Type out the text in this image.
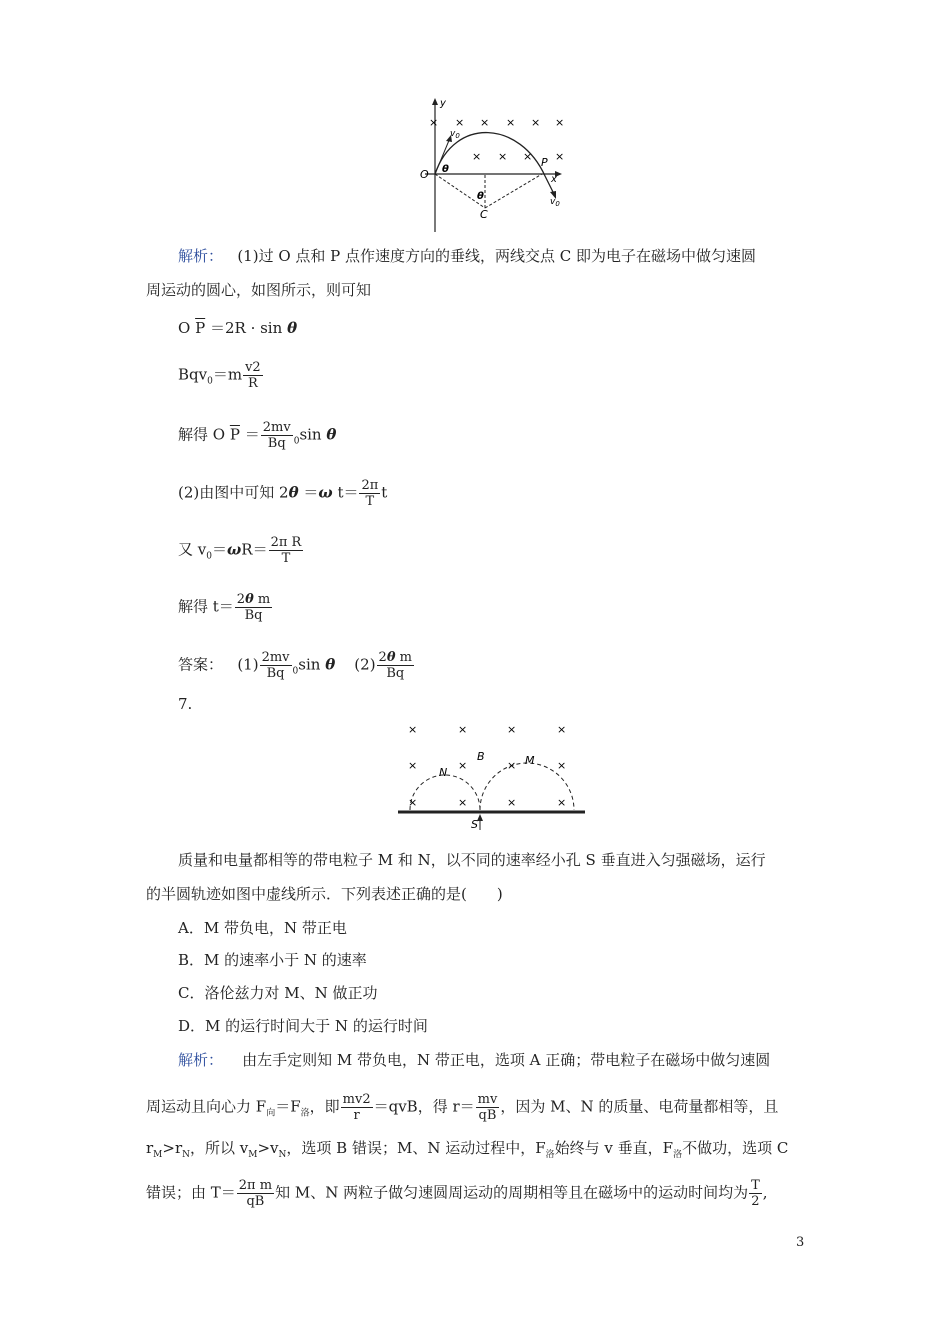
y
x
O
P
C
θ
θ
$v_0$
$v_0$
× × × × × ×
× × × ×
解析： (1)过 O 点和 P 点作速度方向的垂线，两线交点 C 即为电子在磁场中做匀速圆
周运动的圆心，如图所示，则可知
O $\overline{P} =2R \cdot \sin \theta$
$Bqv_0=m \frac{v2}{R}$
解得 O $\overline{P} = \frac{2mv}{Bq} _0\sin$ θ
(2)由图中可知 2θ ＝ω $t= \frac{2\pi}{T}$ t
又 $v_0=\omega R= \frac{\text{2π R}}{T}$
解得 $t= \frac{\text{2θ m}}{Bq}$
答案： $(1) \frac{2mv}{Bq} _0\sin$ θ $(2) \frac{\text{2θ m}}{Bq}$
7.
S
B
N
M
×	×	×	×
×	×	×	×
×	×	×	×
质量和电量都相等的带电粒子 M 和 N，以不同的速率经小孔 S 垂直进入匀强磁场，运行
的半圆轨迹如图中虚线所示．下列表述正确的是(　　)
A．M 带负电，N 带正电
B．M 的速率小于 N 的速率
C．洛伦兹力对 M、N 做正功
D．M 的运行时间大于 N 的运行时间
解析： 由左手定则知 M 带负电，N 带正电，选项 A 正确；带电粒子在磁场中做匀速圆
周运动且向心力 $F_向=F_洛$，即 $\frac{mv2}{r} =qvB$，得 $r= \frac{mv}{qB}$ ，因为 M、N 的质量、电荷量都相等，且
$r_M>r_N$，所以 $v_M>v_N$，选项 B 错误；M、N 运动过程中，$F_洛$始终与 v 垂直，$F_洛$不做功，选项 C
错误；由 $T= \frac{\text{2π m}}{qB}$ 知 M、N 两粒子做匀速圆周运动的周期相等且在磁场中的运动时间均为 $\frac{T}{2}$ ,
3
